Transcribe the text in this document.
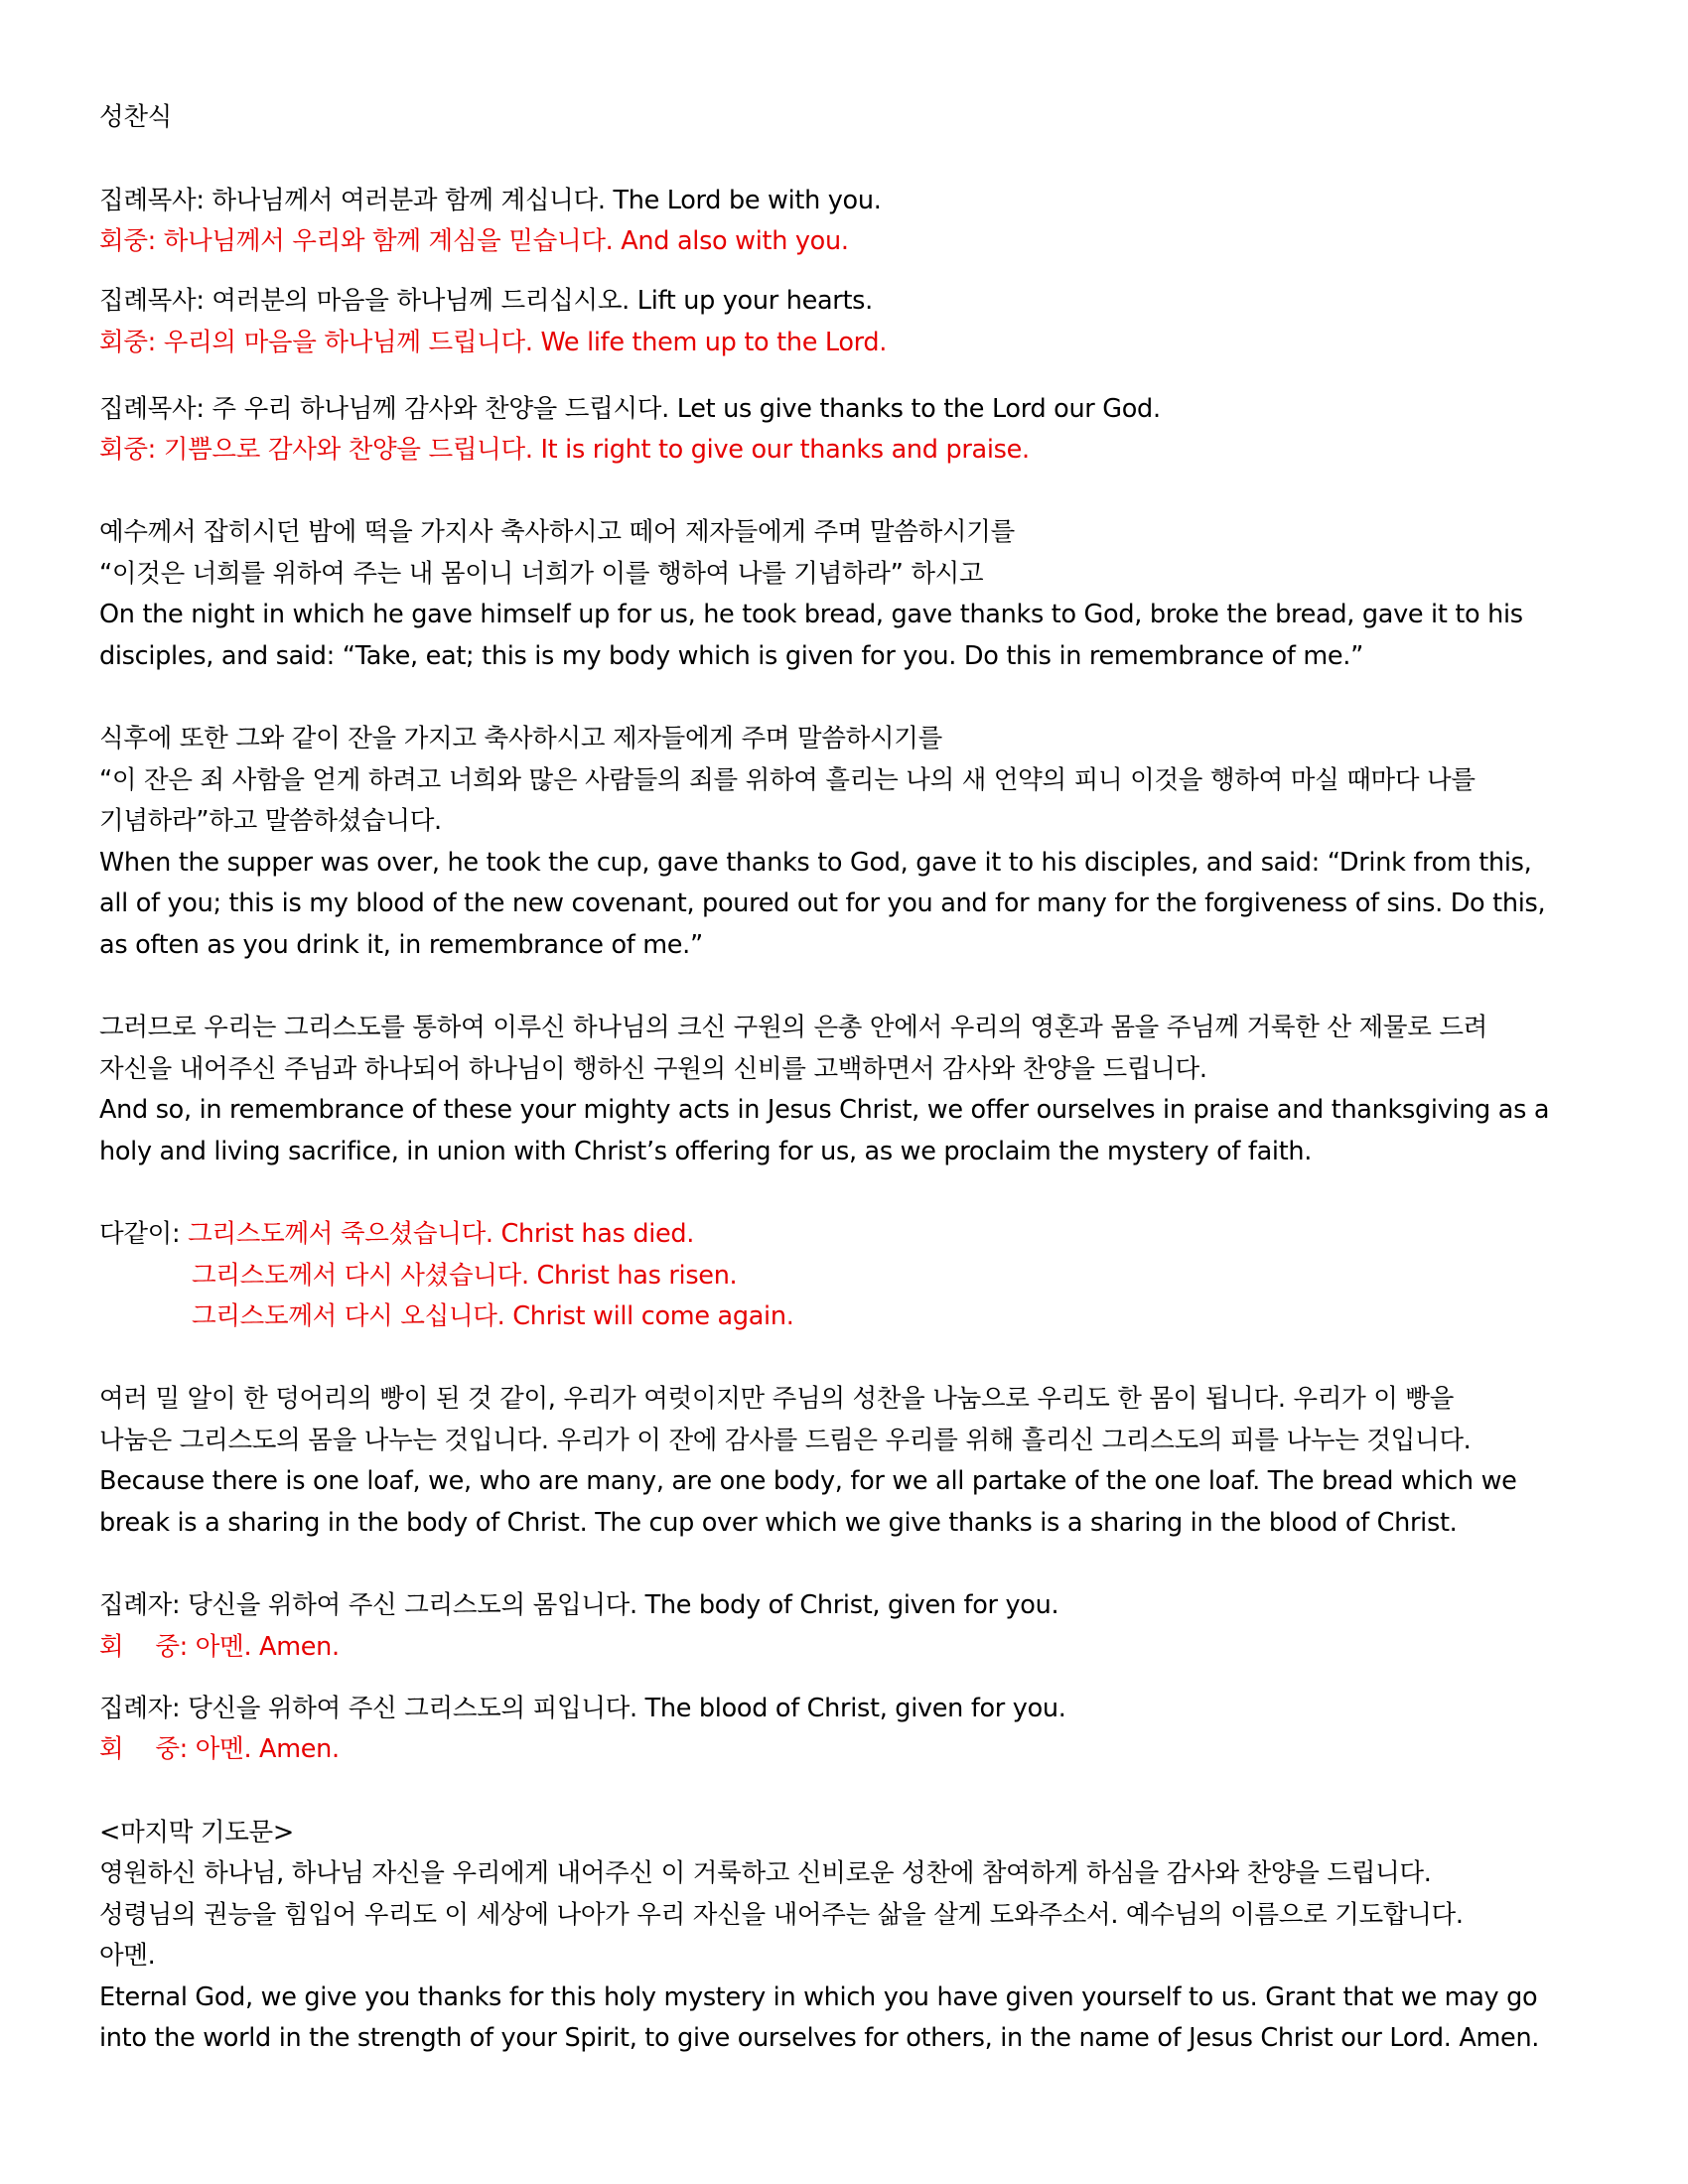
성찬식
집례목사: 하나님께서 여러분과 함께 계십니다. The Lord be with you.
회중: 하나님께서 우리와 함께 계심을 믿습니다. And also with you.
집례목사: 여러분의 마음을 하나님께 드리십시오. Lift up your hearts.
회중: 우리의 마음을 하나님께 드립니다. We life them up to the Lord.
집례목사: 주 우리 하나님께 감사와 찬양을 드립시다. Let us give thanks to the Lord our God.
회중: 기쁨으로 감사와 찬양을 드립니다. It is right to give our thanks and praise.
예수께서 잡히시던 밤에 떡을 가지사 축사하시고 떼어 제자들에게 주며 말씀하시기를
“이것은 너희를 위하여 주는 내 몸이니 너희가 이를 행하여 나를 기념하라” 하시고
On the night in which he gave himself up for us, he took bread, gave thanks to God, broke the bread, gave it to his
disciples, and said: “Take, eat; this is my body which is given for you. Do this in remembrance of me.”
식후에 또한 그와 같이 잔을 가지고 축사하시고 제자들에게 주며 말씀하시기를
“이 잔은 죄 사함을 얻게 하려고 너희와 많은 사람들의 죄를 위하여 흘리는 나의 새 언약의 피니 이것을 행하여 마실 때마다 나를
기념하라”하고 말씀하셨습니다.
When the supper was over, he took the cup, gave thanks to God, gave it to his disciples, and said: “Drink from this,
all of you; this is my blood of the new covenant, poured out for you and for many for the forgiveness of sins. Do this,
as often as you drink it, in remembrance of me.”
그러므로 우리는 그리스도를 통하여 이루신 하나님의 크신 구원의 은총 안에서 우리의 영혼과 몸을 주님께 거룩한 산 제물로 드려
자신을 내어주신 주님과 하나되어 하나님이 행하신 구원의 신비를 고백하면서 감사와 찬양을 드립니다.
And so, in remembrance of these your mighty acts in Jesus Christ, we offer ourselves in praise and thanksgiving as a
holy and living sacrifice, in union with Christ’s offering for us, as we proclaim the mystery of faith.
다같이: 그리스도께서 죽으셨습니다. Christ has died.
그리스도께서 다시 사셨습니다. Christ has risen.
그리스도께서 다시 오십니다. Christ will come again.
여러 밀 알이 한 덩어리의 빵이 된 것 같이, 우리가 여럿이지만 주님의 성찬을 나눔으로 우리도 한 몸이 됩니다. 우리가 이 빵을
나눔은 그리스도의 몸을 나누는 것입니다. 우리가 이 잔에 감사를 드림은 우리를 위해 흘리신 그리스도의 피를 나누는 것입니다.
Because there is one loaf, we, who are many, are one body, for we all partake of the one loaf. The bread which we
break is a sharing in the body of Christ. The cup over which we give thanks is a sharing in the blood of Christ.
집례자: 당신을 위하여 주신 그리스도의 몸입니다. The body of Christ, given for you.
회 중: 아멘. Amen.
집례자: 당신을 위하여 주신 그리스도의 피입니다. The blood of Christ, given for you.
회 중: 아멘. Amen.
<마지막 기도문>
영원하신 하나님, 하나님 자신을 우리에게 내어주신 이 거룩하고 신비로운 성찬에 참여하게 하심을 감사와 찬양을 드립니다.
성령님의 권능을 힘입어 우리도 이 세상에 나아가 우리 자신을 내어주는 삶을 살게 도와주소서. 예수님의 이름으로 기도합니다.
아멘.
Eternal God, we give you thanks for this holy mystery in which you have given yourself to us. Grant that we may go
into the world in the strength of your Spirit, to give ourselves for others, in the name of Jesus Christ our Lord. Amen.
